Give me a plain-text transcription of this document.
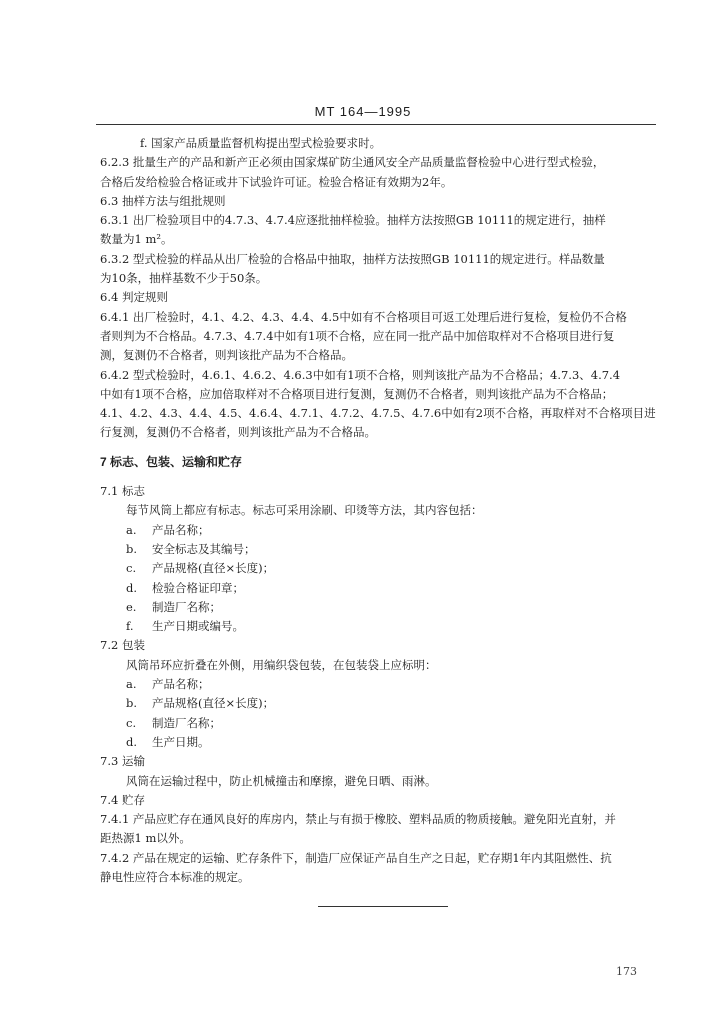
MT 164—1995
f. 国家产品质量监督机构提出型式检验要求时。
6.2.3 批量生产的产品和新产正必须由国家煤矿防尘通风安全产品质量监督检验中心进行型式检验，
合格后发给检验合格证或井下试验许可证。检验合格证有效期为2年。
6.3 抽样方法与组批规则
6.3.1 出厂检验项目中的4.7.3、4.7.4应逐批抽样检验。抽样方法按照GB 10111的规定进行，抽样
数量为1 m²。
6.3.2 型式检验的样品从出厂检验的合格品中抽取，抽样方法按照GB 10111的规定进行。样品数量
为10条，抽样基数不少于50条。
6.4 判定规则
6.4.1 出厂检验时，4.1、4.2、4.3、4.4、4.5中如有不合格项目可返工处理后进行复检，复检仍不合格
者则判为不合格品。4.7.3、4.7.4中如有1项不合格，应在同一批产品中加倍取样对不合格项目进行复
测，复测仍不合格者，则判该批产品为不合格品。
6.4.2 型式检验时，4.6.1、4.6.2、4.6.3中如有1项不合格，则判该批产品为不合格品；4.7.3、4.7.4
中如有1项不合格，应加倍取样对不合格项目进行复测，复测仍不合格者，则判该批产品为不合格品；
4.1、4.2、4.3、4.4、4.5、4.6.4、4.7.1、4.7.2、4.7.5、4.7.6中如有2项不合格，再取样对不合格项目进
行复测，复测仍不合格者，则判该批产品为不合格品。
7 标志、包装、运输和贮存
7.1 标志
每节风筒上都应有标志。标志可采用涂刷、印烫等方法，其内容包括：
a. 产品名称；
b. 安全标志及其编号；
c. 产品规格(直径×长度)；
d. 检验合格证印章；
e. 制造厂名称；
f. 生产日期或编号。
7.2 包装
风筒吊环应折叠在外侧，用编织袋包装，在包装袋上应标明：
a. 产品名称；
b. 产品规格(直径×长度)；
c. 制造厂名称；
d. 生产日期。
7.3 运输
风筒在运输过程中，防止机械撞击和摩擦，避免日晒、雨淋。
7.4 贮存
7.4.1 产品应贮存在通风良好的库房内，禁止与有损于橡胶、塑料品质的物质接触。避免阳光直射，并
距热源1 m以外。
7.4.2 产品在规定的运输、贮存条件下，制造厂应保证产品自生产之日起，贮存期1年内其阻燃性、抗
静电性应符合本标准的规定。
173
